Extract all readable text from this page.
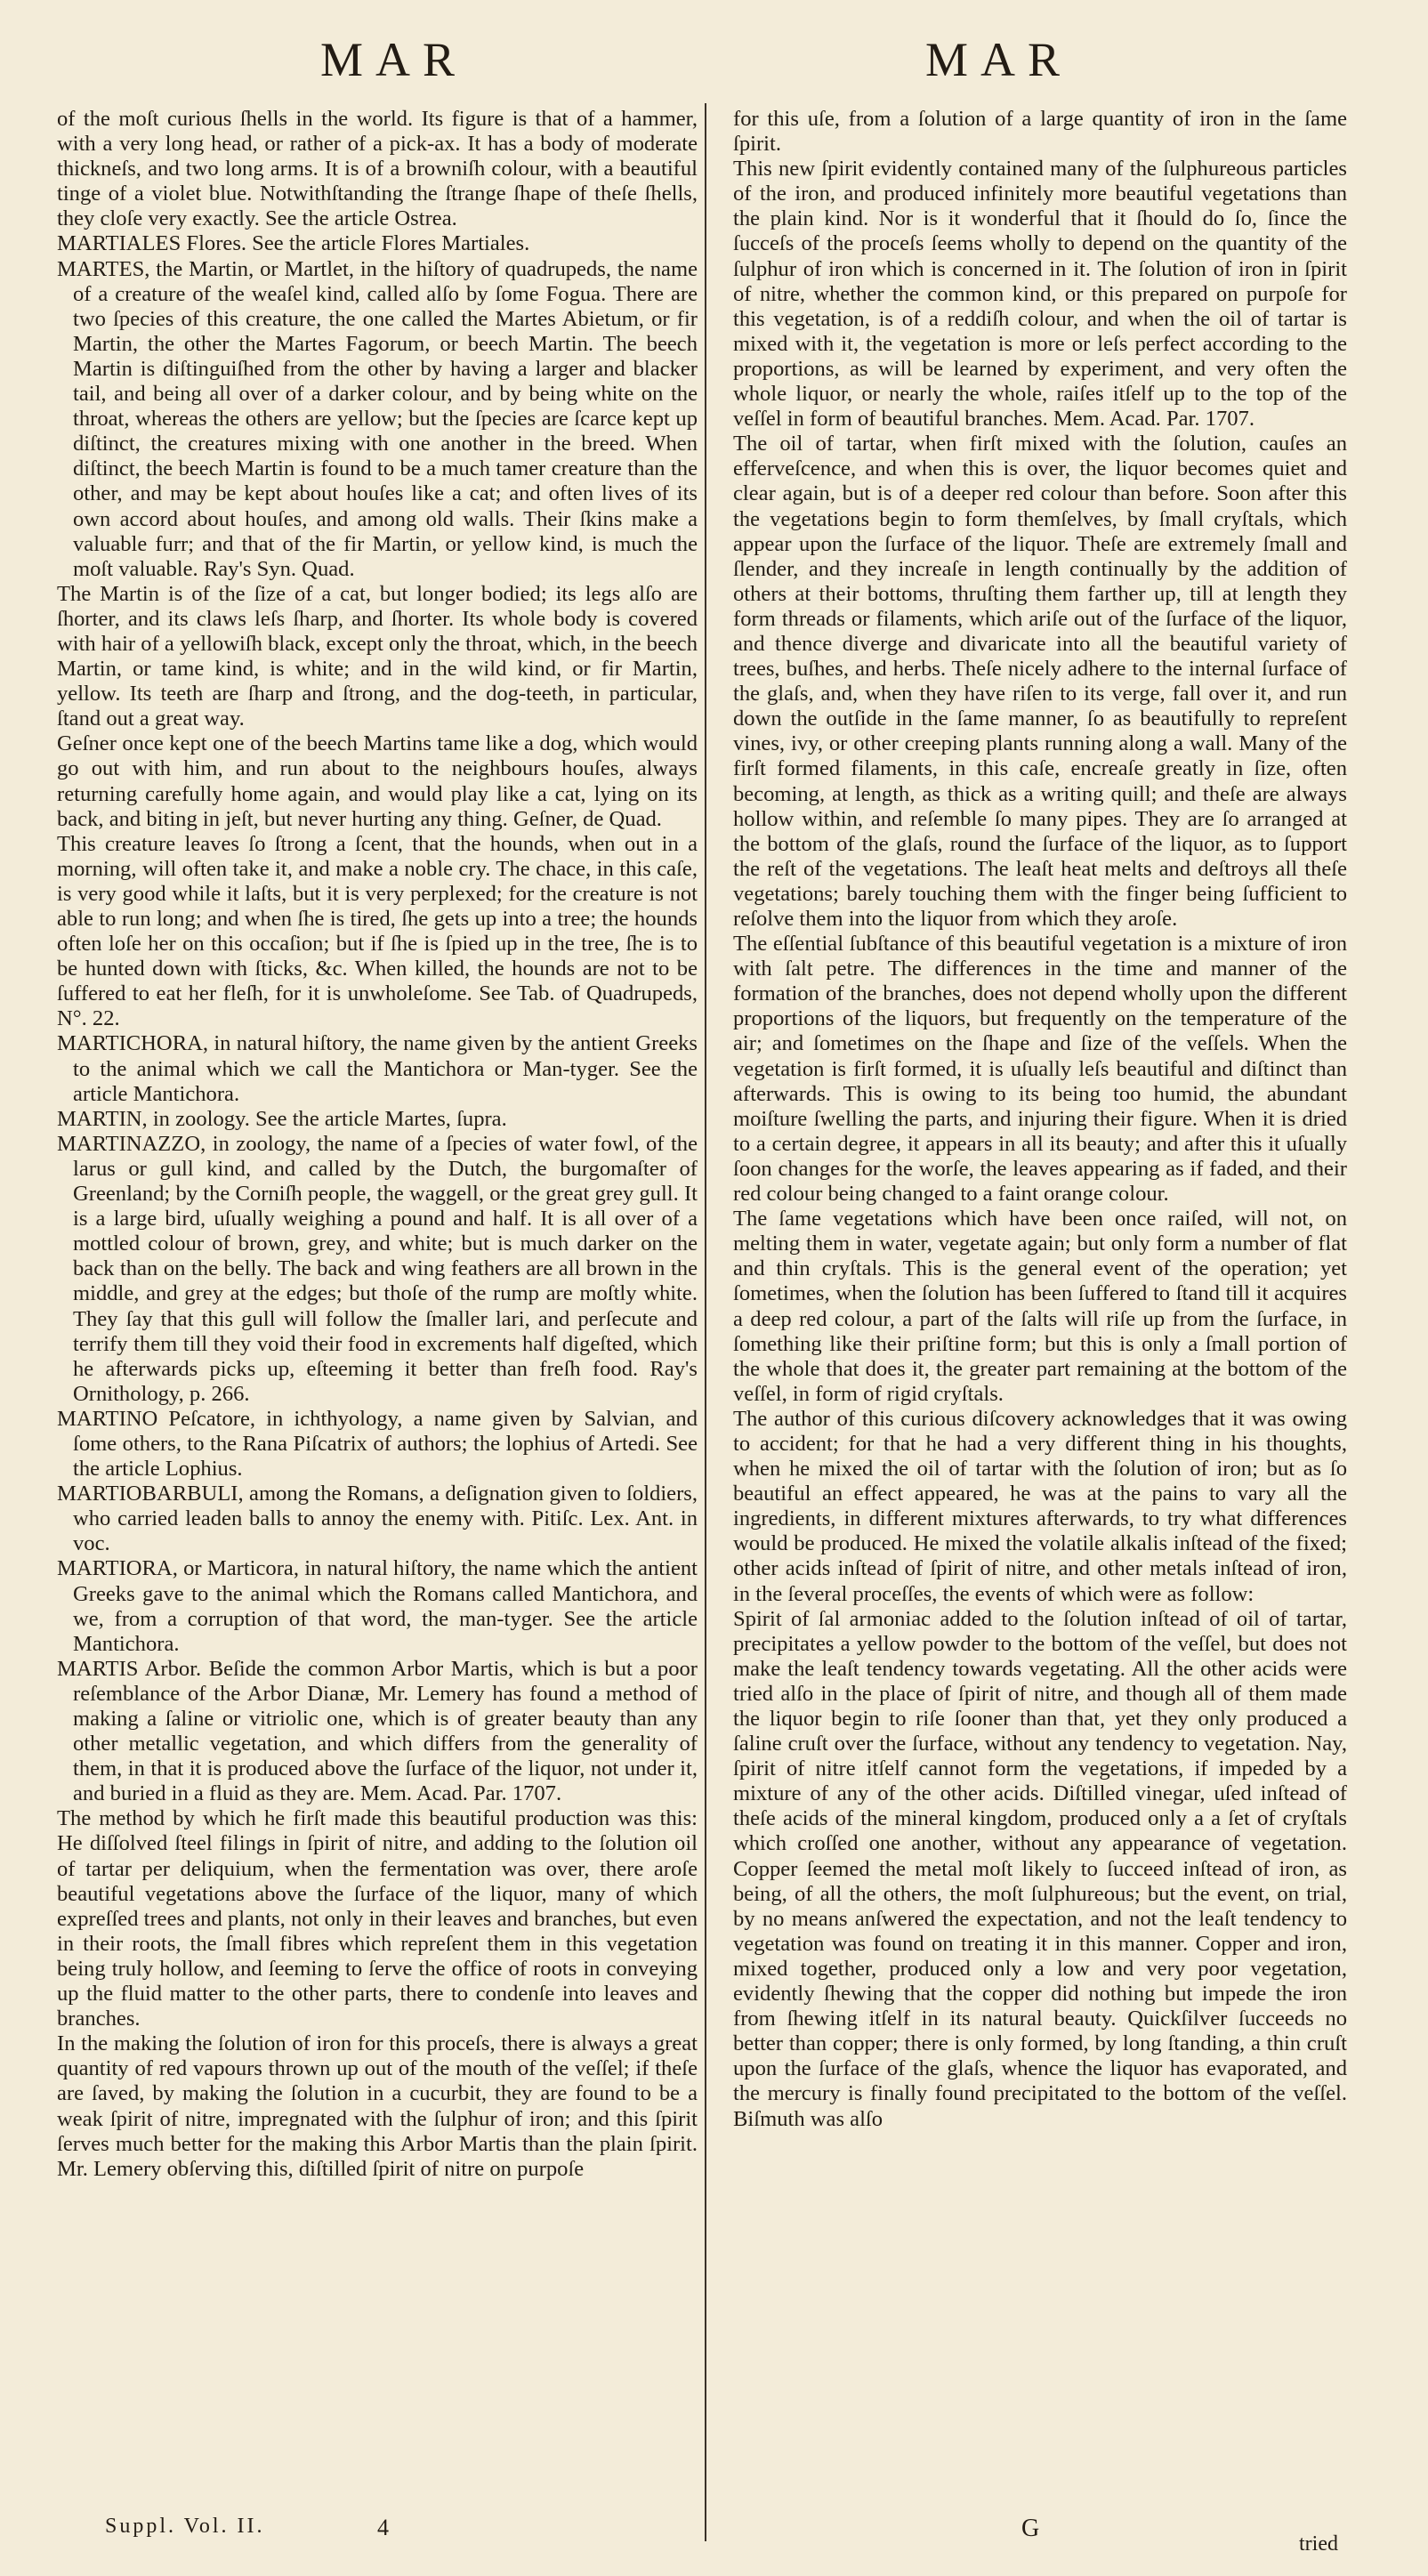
MAR	MAR

of the moſt curious ſhells in the world. Its figure is that of a hammer, with a very long head, or rather of a pick-ax. It has a body of moderate thickneſs, and two long arms. It is of a browniſh colour, with a beautiful tinge of a violet blue. Notwithſtanding the ſtrange ſhape of theſe ſhells, they cloſe very exactly. See the article Ostrea.

MARTIALES Flores. See the article Flores Martiales.

MARTES, the Martin, or Martlet, in the hiſtory of quadrupeds, the name of a creature of the weaſel kind, called alſo by ſome Fogua. There are two ſpecies of this creature, the one called the Martes Abietum, or fir Martin, the other the Martes Fagorum, or beech Martin. The beech Martin is diſtinguiſhed from the other by having a larger and blacker tail, and being all over of a darker colour, and by being white on the throat, whereas the others are yellow; but the ſpecies are ſcarce kept up diſtinct, the creatures mixing with one another in the breed. When diſtinct, the beech Martin is found to be a much tamer creature than the other, and may be kept about houſes like a cat; and often lives of its own accord about houſes, and among old walls. Their ſkins make a valuable furr; and that of the fir Martin, or yellow kind, is much the moſt valuable. Ray's Syn. Quad.

The Martin is of the ſize of a cat, but longer bodied; its legs alſo are ſhorter, and its claws leſs ſharp, and ſhorter. Its whole body is covered with hair of a yellowiſh black, except only the throat, which, in the beech Martin, or tame kind, is white; and in the wild kind, or fir Martin, yellow. Its teeth are ſharp and ſtrong, and the dog-teeth, in particular, ſtand out a great way.

Geſner once kept one of the beech Martins tame like a dog, which would go out with him, and run about to the neighbours houſes, always returning carefully home again, and would play like a cat, lying on its back, and biting in jeſt, but never hurting any thing. Geſner, de Quad.

This creature leaves ſo ſtrong a ſcent, that the hounds, when out in a morning, will often take it, and make a noble cry. The chace, in this caſe, is very good while it laſts, but it is very perplexed; for the creature is not able to run long; and when ſhe is tired, ſhe gets up into a tree; the hounds often loſe her on this occaſion; but if ſhe is ſpied up in the tree, ſhe is to be hunted down with ſticks, &c. When killed, the hounds are not to be ſuffered to eat her fleſh, for it is unwholeſome. See Tab. of Quadrupeds, N°. 22.

MARTICHORA, in natural hiſtory, the name given by the antient Greeks to the animal which we call the Mantichora or Man-tyger. See the article Mantichora.

MARTIN, in zoology. See the article Martes, ſupra.

MARTINAZZO, in zoology, the name of a ſpecies of water fowl, of the larus or gull kind, and called by the Dutch, the burgomaſter of Greenland; by the Corniſh people, the waggell, or the great grey gull. It is a large bird, uſually weighing a pound and half. It is all over of a mottled colour of brown, grey, and white; but is much darker on the back than on the belly. The back and wing feathers are all brown in the middle, and grey at the edges; but thoſe of the rump are moſtly white. They ſay that this gull will follow the ſmaller lari, and perſecute and terrify them till they void their food in excrements half digeſted, which he afterwards picks up, eſteeming it better than freſh food. Ray's Ornithology, p. 266.

MARTINO Peſcatore, in ichthyology, a name given by Salvian, and ſome others, to the Rana Piſcatrix of authors; the lophius of Artedi. See the article Lophius.

MARTIOBARBULI, among the Romans, a deſignation given to ſoldiers, who carried leaden balls to annoy the enemy with. Pitiſc. Lex. Ant. in voc.

MARTIORA, or Marticora, in natural hiſtory, the name which the antient Greeks gave to the animal which the Romans called Mantichora, and we, from a corruption of that word, the man-tyger. See the article Mantichora.

MARTIS Arbor. Beſide the common Arbor Martis, which is but a poor reſemblance of the Arbor Dianæ, Mr. Lemery has found a method of making a ſaline or vitriolic one, which is of greater beauty than any other metallic vegetation, and which differs from the generality of them, in that it is produced above the ſurface of the liquor, not under it, and buried in a fluid as they are. Mem. Acad. Par. 1707.

The method by which he firſt made this beautiful production was this: He diſſolved ſteel filings in ſpirit of nitre, and adding to the ſolution oil of tartar per deliquium, when the fermentation was over, there aroſe beautiful vegetations above the ſurface of the liquor, many of which expreſſed trees and plants, not only in their leaves and branches, but even in their roots, the ſmall fibres which repreſent them in this vegetation being truly hollow, and ſeeming to ſerve the office of roots in conveying up the fluid matter to the other parts, there to condenſe into leaves and branches.

In the making the ſolution of iron for this proceſs, there is always a great quantity of red vapours thrown up out of the mouth of the veſſel; if theſe are ſaved, by making the ſolution in a cucurbit, they are found to be a weak ſpirit of nitre, impregnated with the ſulphur of iron; and this ſpirit ſerves much better for the making this Arbor Martis than the plain ſpirit. Mr. Lemery obſerving this, diſtilled ſpirit of nitre on purpoſe

for this uſe, from a ſolution of a large quantity of iron in the ſame ſpirit.

This new ſpirit evidently contained many of the ſulphureous particles of the iron, and produced infinitely more beautiful vegetations than the plain kind. Nor is it wonderful that it ſhould do ſo, ſince the ſucceſs of the proceſs ſeems wholly to depend on the quantity of the ſulphur of iron which is concerned in it. The ſolution of iron in ſpirit of nitre, whether the common kind, or this prepared on purpoſe for this vegetation, is of a reddiſh colour, and when the oil of tartar is mixed with it, the vegetation is more or leſs perfect according to the proportions, as will be learned by experiment, and very often the whole liquor, or nearly the whole, raiſes itſelf up to the top of the veſſel in form of beautiful branches. Mem. Acad. Par. 1707.

The oil of tartar, when firſt mixed with the ſolution, cauſes an effervеſcence, and when this is over, the liquor becomes quiet and clear again, but is of a deeper red colour than before. Soon after this the vegetations begin to form themſelves, by ſmall cryſtals, which appear upon the ſurface of the liquor. Theſe are extremely ſmall and ſlender, and they increaſe in length continually by the addition of others at their bottoms, thruſting them farther up, till at length they form threads or filaments, which ariſe out of the ſurface of the liquor, and thence diverge and divaricate into all the beautiful variety of trees, buſhes, and herbs. Theſe nicely adhere to the internal ſurface of the glaſs, and, when they have riſen to its verge, fall over it, and run down the outſide in the ſame manner, ſo as beautifully to repreſent vines, ivy, or other creeping plants running along a wall. Many of the firſt formed filaments, in this caſe, encreaſe greatly in ſize, often becoming, at length, as thick as a writing quill; and theſe are always hollow within, and reſemble ſo many pipes. They are ſo arranged at the bottom of the glaſs, round the ſurface of the liquor, as to ſupport the reſt of the vegetations. The leaſt heat melts and deſtroys all theſe vegetations; barely touching them with the finger being ſufficient to reſolve them into the liquor from which they aroſe.

The eſſential ſubſtance of this beautiful vegetation is a mixture of iron with ſalt petre. The differences in the time and manner of the formation of the branches, does not depend wholly upon the different proportions of the liquors, but frequently on the temperature of the air; and ſometimes on the ſhape and ſize of the veſſels. When the vegetation is firſt formed, it is uſually leſs beautiful and diſtinct than afterwards. This is owing to its being too humid, the abundant moiſture ſwelling the parts, and injuring their figure. When it is dried to a certain degree, it appears in all its beauty; and after this it uſually ſoon changes for the worſe, the leaves appearing as if faded, and their red colour being changed to a faint orange colour.

The ſame vegetations which have been once raiſed, will not, on melting them in water, vegetate again; but only form a number of flat and thin cryſtals. This is the general event of the operation; yet ſometimes, when the ſolution has been ſuffered to ſtand till it acquires a deep red colour, a part of the ſalts will riſe up from the ſurface, in ſomething like their priſtine form; but this is only a ſmall portion of the whole that does it, the greater part remaining at the bottom of the veſſel, in form of rigid cryſtals.

The author of this curious diſcovery acknowledges that it was owing to accident; for that he had a very different thing in his thoughts, when he mixed the oil of tartar with the ſolution of iron; but as ſo beautiful an effect appeared, he was at the pains to vary all the ingredients, in different mixtures afterwards, to try what differences would be produced. He mixed the volatile alkalis inſtead of the fixed; other acids inſtead of ſpirit of nitre, and other metals inſtead of iron, in the ſeveral proceſſes, the events of which were as follow:

Spirit of ſal armoniac added to the ſolution inſtead of oil of tartar, precipitates a yellow powder to the bottom of the veſſel, but does not make the leaſt tendency towards vegetating. All the other acids were tried alſo in the place of ſpirit of nitre, and though all of them made the liquor begin to riſe ſooner than that, yet they only produced a ſaline cruſt over the ſurface, without any tendency to vegetation. Nay, ſpirit of nitre itſelf cannot form the vegetations, if impeded by a mixture of any of the other acids. Diſtilled vinegar, uſed inſtead of theſe acids of the mineral kingdom, produced only a a ſet of cryſtals which croſſed one another, without any appearance of vegetation. Copper ſeemed the metal moſt likely to ſucceed inſtead of iron, as being, of all the others, the moſt ſulphureous; but the event, on trial, by no means anſwered the expectation, and not the leaſt tendency to vegetation was found on treating it in this manner. Copper and iron, mixed together, produced only a low and very poor vegetation, evidently ſhewing that the copper did nothing but impede the iron from ſhewing itſelf in its natural beauty. Quickſilver ſucceeds no better than copper; there is only formed, by long ſtanding, a thin cruſt upon the ſurface of the glaſs, whence the liquor has evaporated, and the mercury is finally found precipitated to the bottom of the veſſel. Biſmuth was alſo

Suppl. Vol. II.	4	G
tried
